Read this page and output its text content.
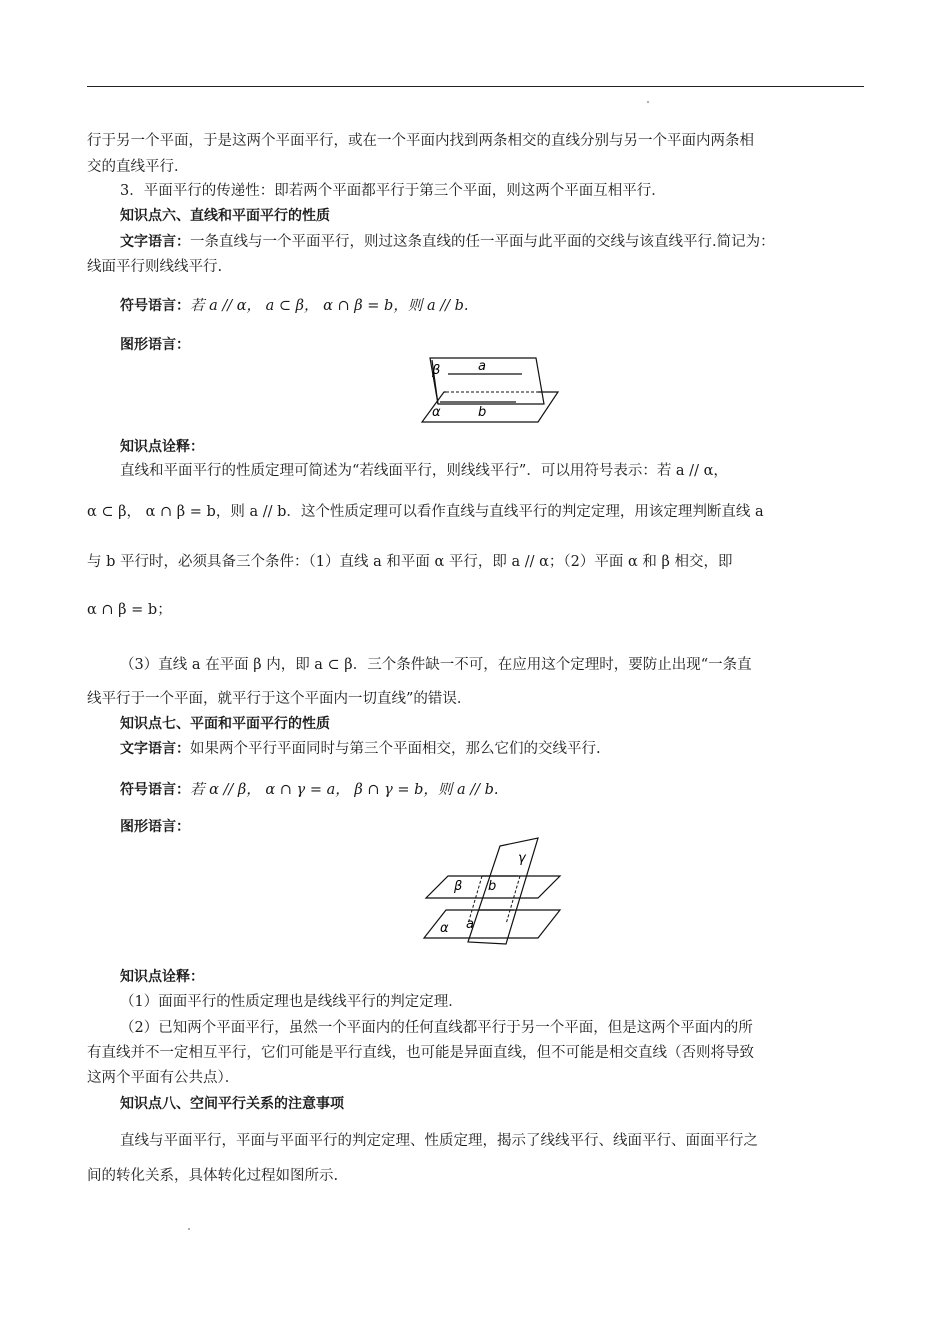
行于另一个平面，于是这两个平面平行，或在一个平面内找到两条相交的直线分别与另一个平面内两条相
交的直线平行．
3．平面平行的传递性：即若两个平面都平行于第三个平面，则这两个平面互相平行．
知识点六、直线和平面平行的性质
文字语言：一条直线与一个平面平行，则过这条直线的任一平面与此平面的交线与该直线平行.简记为：
线面平行则线线平行.
符号语言：若 a // α， a ⊂ β， α ∩ β = b，则 a // b.
图形语言：
β	a
α	b
知识点诠释：
直线和平面平行的性质定理可简述为“若线面平行，则线线平行”．可以用符号表示：若 a // α，
α ⊂ β， α ∩ β = b，则 a // b．这个性质定理可以看作直线与直线平行的判定定理，用该定理判断直线 a
与 b 平行时，必须具备三个条件：（1）直线 a 和平面 α 平行，即 a // α；（2）平面 α 和 β 相交，即
α ∩ β = b；
（3）直线 a 在平面 β 内，即 a ⊂ β．三个条件缺一不可，在应用这个定理时，要防止出现“一条直
线平行于一个平面，就平行于这个平面内一切直线”的错误．
知识点七、平面和平面平行的性质
文字语言：如果两个平行平面同时与第三个平面相交，那么它们的交线平行.
符号语言：若 α // β， α ∩ γ = a， β ∩ γ = b，则 a // b.
图形语言：
γ
β b
α a
知识点诠释：
（1）面面平行的性质定理也是线线平行的判定定理．
（2）已知两个平面平行，虽然一个平面内的任何直线都平行于另一个平面，但是这两个平面内的所
有直线并不一定相互平行，它们可能是平行直线，也可能是异面直线，但不可能是相交直线（否则将导致
这两个平面有公共点）．
知识点八、空间平行关系的注意事项
直线与平面平行，平面与平面平行的判定定理、性质定理，揭示了线线平行、线面平行、面面平行之
间的转化关系，具体转化过程如图所示.
